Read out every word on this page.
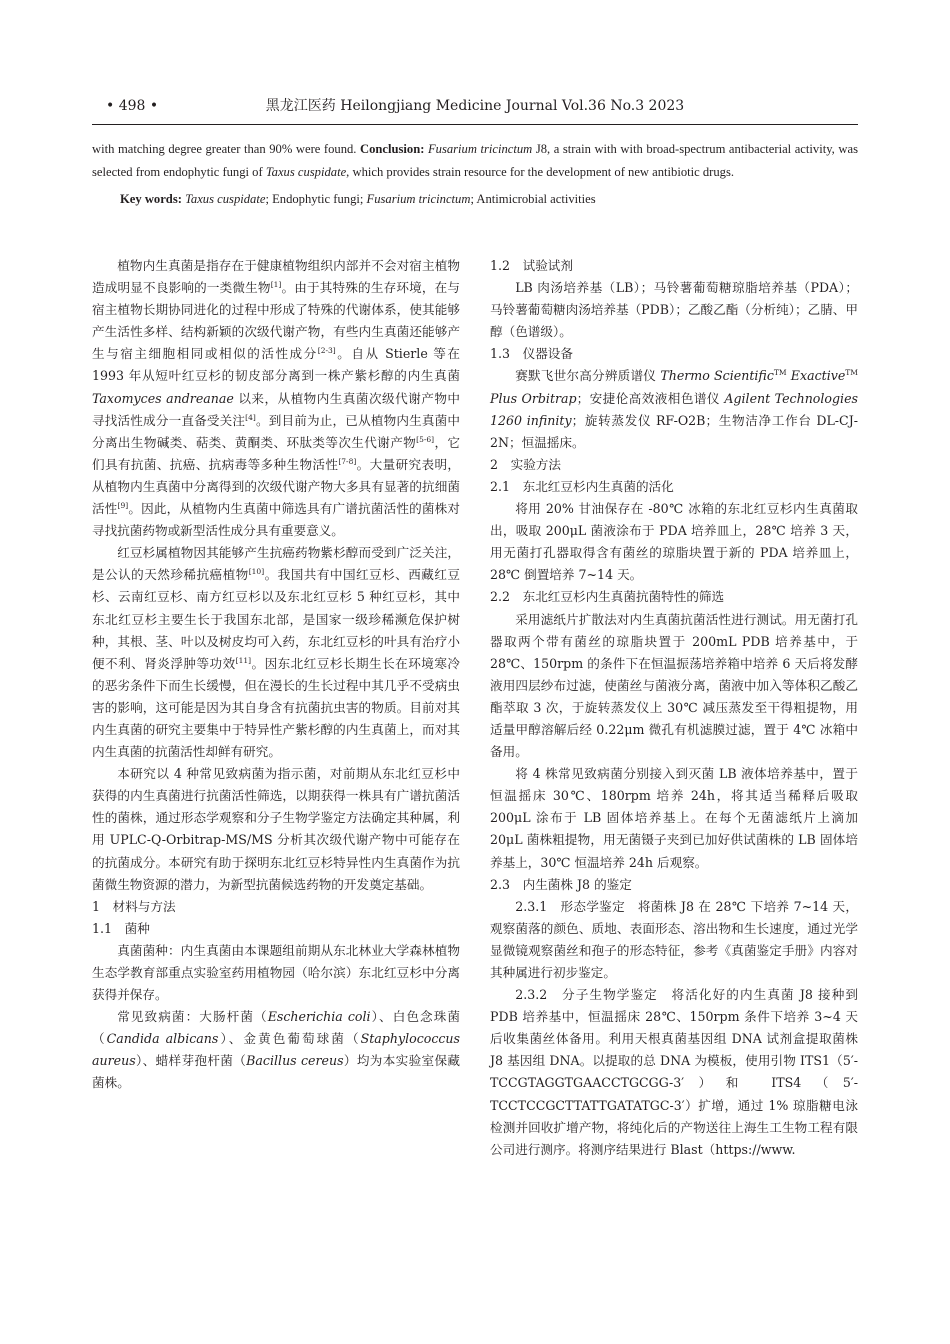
• 498 •	黑龙江医药 Heilongjiang Medicine Journal Vol.36 No.3 2023

with matching degree greater than 90% were found. Conclusion: Fusarium tricinctum J8, a strain with with broad-spectrum antibacterial activity, was selected from endophytic fungi of Taxus cuspidate, which provides strain resource for the development of new antibiotic drugs.

Key words: Taxus cuspidate; Endophytic fungi; Fusarium tricinctum; Antimicrobial activities

植物内生真菌是指存在于健康植物组织内部并不会对宿主植物造成明显不良影响的一类微生物[1]。由于其特殊的生存环境，在与宿主植物长期协同进化的过程中形成了特殊的代谢体系，使其能够产生活性多样、结构新颖的次级代谢产物，有些内生真菌还能够产生与宿主细胞相同或相似的活性成分[2-3]。自从 Stierle 等在 1993 年从短叶红豆杉的韧皮部分离到一株产紫杉醇的内生真菌 Taxomyces andreanae 以来，从植物内生真菌次级代谢产物中寻找活性成分一直备受关注[4]。到目前为止，已从植物内生真菌中分离出生物碱类、萜类、黄酮类、环肽类等次生代谢产物[5-6]，它们具有抗菌、抗癌、抗病毒等多种生物活性[7-8]。大量研究表明，从植物内生真菌中分离得到的次级代谢产物大多具有显著的抗细菌活性[9]。因此，从植物内生真菌中筛选具有广谱抗菌活性的菌株对寻找抗菌药物或新型活性成分具有重要意义。

红豆杉属植物因其能够产生抗癌药物紫杉醇而受到广泛关注，是公认的天然珍稀抗癌植物[10]。我国共有中国红豆杉、西藏红豆杉、云南红豆杉、南方红豆杉以及东北红豆杉 5 种红豆杉，其中东北红豆杉主要生长于我国东北部，是国家一级珍稀濒危保护树种，其根、茎、叶以及树皮均可入药，东北红豆杉的叶具有治疗小便不利、肾炎浮肿等功效[11]。因东北红豆杉长期生长在环境寒冷的恶劣条件下而生长缓慢，但在漫长的生长过程中其几乎不受病虫害的影响，这可能是因为其自身含有抗菌抗虫害的物质。目前对其内生真菌的研究主要集中于特异性产紫杉醇的内生真菌上，而对其内生真菌的抗菌活性却鲜有研究。

本研究以 4 种常见致病菌为指示菌，对前期从东北红豆杉中获得的内生真菌进行抗菌活性筛选，以期获得一株具有广谱抗菌活性的菌株，通过形态学观察和分子生物学鉴定方法确定其种属，利用 UPLC-Q-Orbitrap-MS/MS 分析其次级代谢产物中可能存在的抗菌成分。本研究有助于探明东北红豆杉特异性内生真菌作为抗菌微生物资源的潜力，为新型抗菌候选药物的开发奠定基础。

1　材料与方法

1.1　菌种

真菌菌种：内生真菌由本课题组前期从东北林业大学森林植物生态学教育部重点实验室药用植物园（哈尔滨）东北红豆杉中分离获得并保存。

常见致病菌：大肠杆菌（Escherichia coli）、白色念珠菌（Candida albicans）、金黄色葡萄球菌（Staphylococcus aureus）、蜡样芽孢杆菌（Bacillus cereus）均为本实验室保藏菌株。

1.2　试验试剂

LB 肉汤培养基（LB）；马铃薯葡萄糖琼脂培养基（PDA）；马铃薯葡萄糖肉汤培养基（PDB）；乙酸乙酯（分析纯）；乙腈、甲醇（色谱级）。

1.3　仪器设备

赛默飞世尔高分辨质谱仪 Thermo Scientific™ Exactive™ Plus Orbitrap；安捷伦高效液相色谱仪 Agilent Technologies 1260 infinity；旋转蒸发仪 RF-O2B；生物洁净工作台 DL-CJ-2N；恒温摇床。

2　实验方法

2.1　东北红豆杉内生真菌的活化

将用 20% 甘油保存在 -80℃ 冰箱的东北红豆杉内生真菌取出，吸取 200μL 菌液涂布于 PDA 培养皿上，28℃ 培养 3 天，用无菌打孔器取得含有菌丝的琼脂块置于新的 PDA 培养皿上，28℃ 倒置培养 7~14 天。

2.2　东北红豆杉内生真菌抗菌特性的筛选

采用滤纸片扩散法对内生真菌抗菌活性进行测试。用无菌打孔器取两个带有菌丝的琼脂块置于 200mL PDB 培养基中，于 28℃、150rpm 的条件下在恒温振荡培养箱中培养 6 天后将发酵液用四层纱布过滤，使菌丝与菌液分离，菌液中加入等体积乙酸乙酯萃取 3 次，于旋转蒸发仪上 30℃ 减压蒸发至干得粗提物，用适量甲醇溶解后经 0.22μm 微孔有机滤膜过滤，置于 4℃ 冰箱中备用。

将 4 株常见致病菌分别接入到灭菌 LB 液体培养基中，置于恒温摇床 30℃、180rpm 培养 24h，将其适当稀释后吸取 200μL 涂布于 LB 固体培养基上。在每个无菌滤纸片上滴加 20μL 菌株粗提物，用无菌镊子夹到已加好供试菌株的 LB 固体培养基上，30℃ 恒温培养 24h 后观察。

2.3　内生菌株 J8 的鉴定

2.3.1　形态学鉴定　将菌株 J8 在 28℃ 下培养 7~14 天，观察菌落的颜色、质地、表面形态、溶出物和生长速度，通过光学显微镜观察菌丝和孢子的形态特征，参考《真菌鉴定手册》内容对其种属进行初步鉴定。

2.3.2　分子生物学鉴定　将活化好的内生真菌 J8 接种到 PDB 培养基中，恒温摇床 28℃、150rpm 条件下培养 3~4 天后收集菌丝体备用。利用天根真菌基因组 DNA 试剂盒提取菌株 J8 基因组 DNA。以提取的总 DNA 为模板，使用引物 ITS1（5′-TCCGTAGGTGAACCTGCGG-3′）和 ITS4（5′-TCCTCCGCTTATTGATATGC-3′）扩增，通过 1% 琼脂糖电泳检测并回收扩增产物，将纯化后的产物送往上海生工生物工程有限公司进行测序。将测序结果进行 Blast（https://www.
